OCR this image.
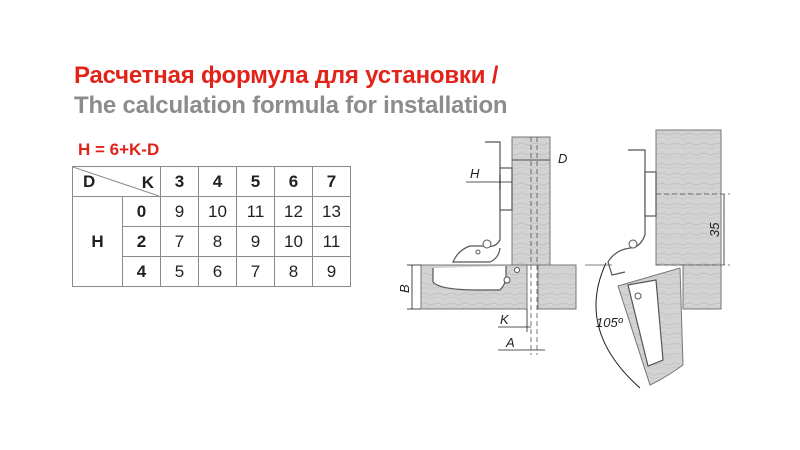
Расчетная формула для установки /
The calculation formula for installation
H = 6+K-D
D K		3	4	5	6	7
H	0	9	10	11	12	13
	2	7	8	9	10	11
	4	5	6	7	8	9
D
H
B
K
A
35
105º
